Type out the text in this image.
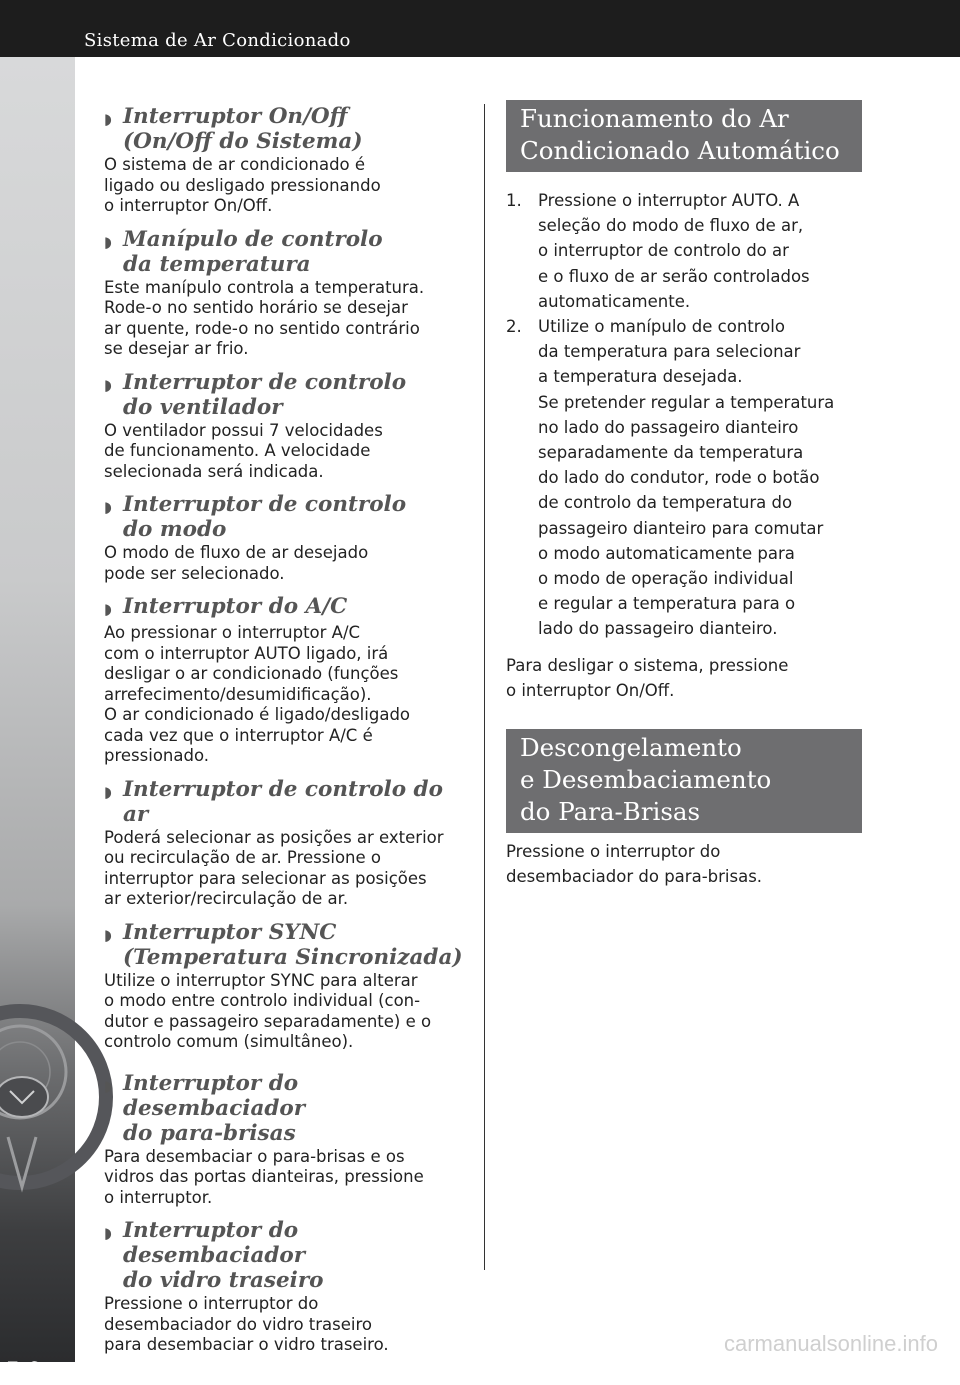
Sistema de Ar Condicionado
5-6
◗ Interruptor On/Off
(On/Off do Sistema)
O sistema de ar condicionado é
ligado ou desligado pressionando
o interruptor On/Off.
◗ Manípulo de controlo
da temperatura
Este manípulo controla a temperatura.
Rode-o no sentido horário se desejar
ar quente, rode-o no sentido contrário
se desejar ar frio.
◗ Interruptor de controlo
do ventilador
O ventilador possui 7 velocidades
de funcionamento. A velocidade
selecionada será indicada.
◗ Interruptor de controlo
do modo
O modo de fluxo de ar desejado
pode ser selecionado.
◗ Interruptor do A/C
Ao pressionar o interruptor A/C
com o interruptor AUTO ligado, irá
desligar o ar condicionado (funções
arrefecimento/desumidificação).
O ar condicionado é ligado/desligado
cada vez que o interruptor A/C é
pressionado.
◗ Interruptor de controlo do ar
Poderá selecionar as posições ar exterior
ou recirculação de ar. Pressione o
interruptor para selecionar as posições
ar exterior/recirculação de ar.
◗ Interruptor SYNC
(Temperatura Sincronizada)
Utilize o interruptor SYNC para alterar
o modo entre controlo individual (con-
dutor e passageiro separadamente) e o
controlo comum (simultâneo).
◗ Interruptor do desembaciador
do para-brisas
Para desembaciar o para-brisas e os
vidros das portas dianteiras, pressione
o interruptor.
◗ Interruptor do desembaciador
do vidro traseiro
Pressione o interruptor do
desembaciador do vidro traseiro
para desembaciar o vidro traseiro.
Funcionamento do Ar
Condicionado Automático
1. Pressione o interruptor AUTO. A
seleção do modo de fluxo de ar,
o interruptor de controlo do ar
e o fluxo de ar serão controlados
automaticamente.
2. Utilize o manípulo de controlo
da temperatura para selecionar
a temperatura desejada.
Se pretender regular a temperatura
no lado do passageiro dianteiro
separadamente da temperatura
do lado do condutor, rode o botão
de controlo da temperatura do
passageiro dianteiro para comutar
o modo automaticamente para
o modo de operação individual
e regular a temperatura para o
lado do passageiro dianteiro.
Para desligar o sistema, pressione
o interruptor On/Off.
Descongelamento
e Desembaciamento
do Para-Brisas
Pressione o interruptor do
desembaciador do para-brisas.
carmanualsonline.info
